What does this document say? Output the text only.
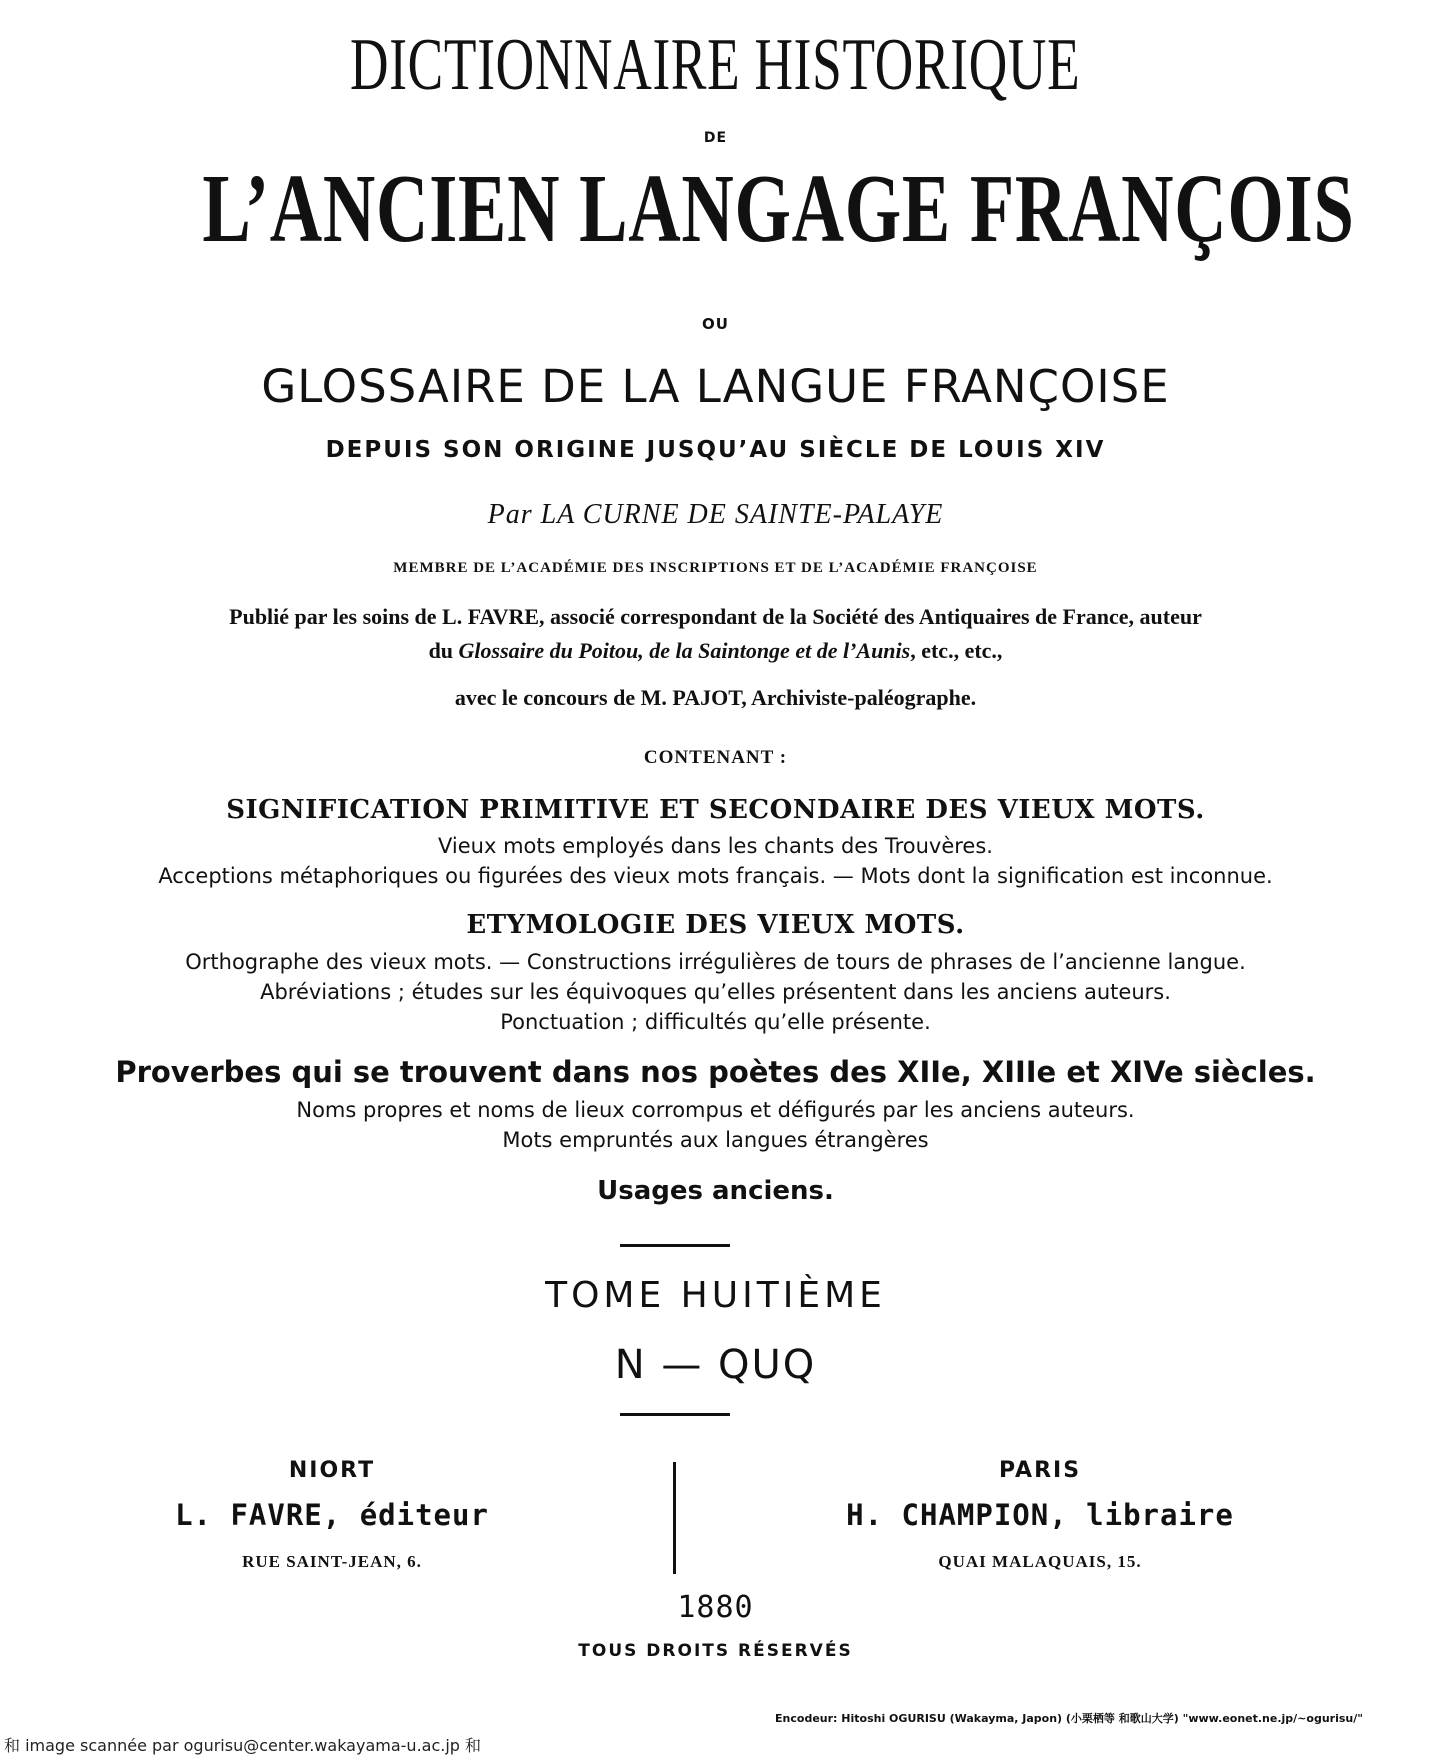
DICTIONNAIRE HISTORIQUE
DE
L’ANCIEN LANGAGE FRANÇOIS
OU
GLOSSAIRE DE LA LANGUE FRANÇOISE
DEPUIS SON ORIGINE JUSQU’AU SIÈCLE DE LOUIS XIV
Par LA CURNE DE SAINTE-PALAYE
MEMBRE DE L’ACADÉMIE DES INSCRIPTIONS ET DE L’ACADÉMIE FRANÇOISE
Publié par les soins de L. FAVRE, associé correspondant de la Société des Antiquaires de France, auteur
du Glossaire du Poitou, de la Saintonge et de l’Aunis, etc., etc.,
avec le concours de M. PAJOT, Archiviste-paléographe.
CONTENANT :
SIGNIFICATION PRIMITIVE ET SECONDAIRE DES VIEUX MOTS.
Vieux mots employés dans les chants des Trouvères.
Acceptions métaphoriques ou figurées des vieux mots français. — Mots dont la signification est inconnue.
ETYMOLOGIE DES VIEUX MOTS.
Orthographe des vieux mots. — Constructions irrégulières de tours de phrases de l’ancienne langue.
Abréviations ; études sur les équivoques qu’elles présentent dans les anciens auteurs.
Ponctuation ; difficultés qu’elle présente.
Proverbes qui se trouvent dans nos poètes des XIIe, XIIIe et XIVe siècles.
Noms propres et noms de lieux corrompus et défigurés par les anciens auteurs.
Mots empruntés aux langues étrangères
Usages anciens.
TOME HUITIÈME
N — QUQ
NIORT
L. FAVRE, éditeur
RUE SAINT-JEAN, 6.
PARIS
H. CHAMPION, libraire
QUAI MALAQUAIS, 15.
1880
TOUS DROITS RÉSERVÉS
Encodeur: Hitoshi OGURISU (Wakayma, Japon) (小栗栖等 和歌山大学) "www.eonet.ne.jp/~ogurisu/"
和 image scannée par ogurisu@center.wakayama-u.ac.jp 和
